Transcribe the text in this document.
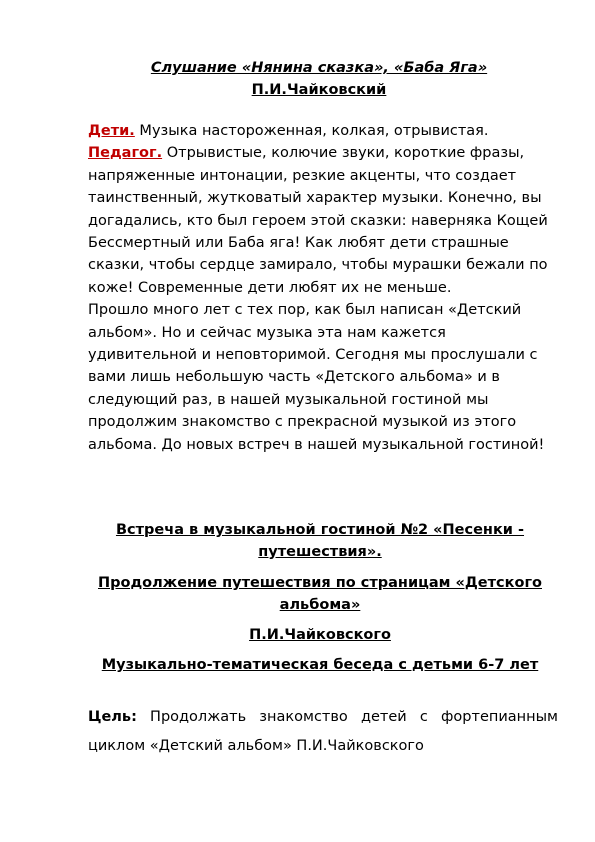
Слушание «Нянина сказка», «Баба Яга»
П.И.Чайковский

Дети. Музыка настороженная, колкая, отрывистая.

Педагог. Отрывистые, колючие звуки, короткие фразы, напряженные интонации, резкие акценты, что создает таинственный, жутковатый характер музыки. Конечно, вы догадались, кто был героем этой сказки: наверняка Кощей Бессмертный или Баба яга! Как любят дети страшные сказки, чтобы сердце замирало, чтобы мурашки бежали по коже! Современные дети любят их не меньше.

Прошло много лет с тех пор, как был написан «Детский альбом». Но и сейчас музыка эта нам кажется удивительной и неповторимой. Сегодня мы прослушали с вами лишь небольшую часть «Детского альбома» и в следующий раз, в нашей музыкальной гостиной мы продолжим знакомство с прекрасной музыкой из этого альбома. До новых встреч в нашей музыкальной гостиной!

Встреча в музыкальной гостиной №2 «Песенки - путешествия».
Продолжение путешествия по страницам «Детского альбома»
П.И.Чайковского
Музыкально-тематическая беседа с детьми 6-7 лет
Цель: Продолжать знакомство детей с фортепианным циклом «Детский альбом» П.И.Чайковского
